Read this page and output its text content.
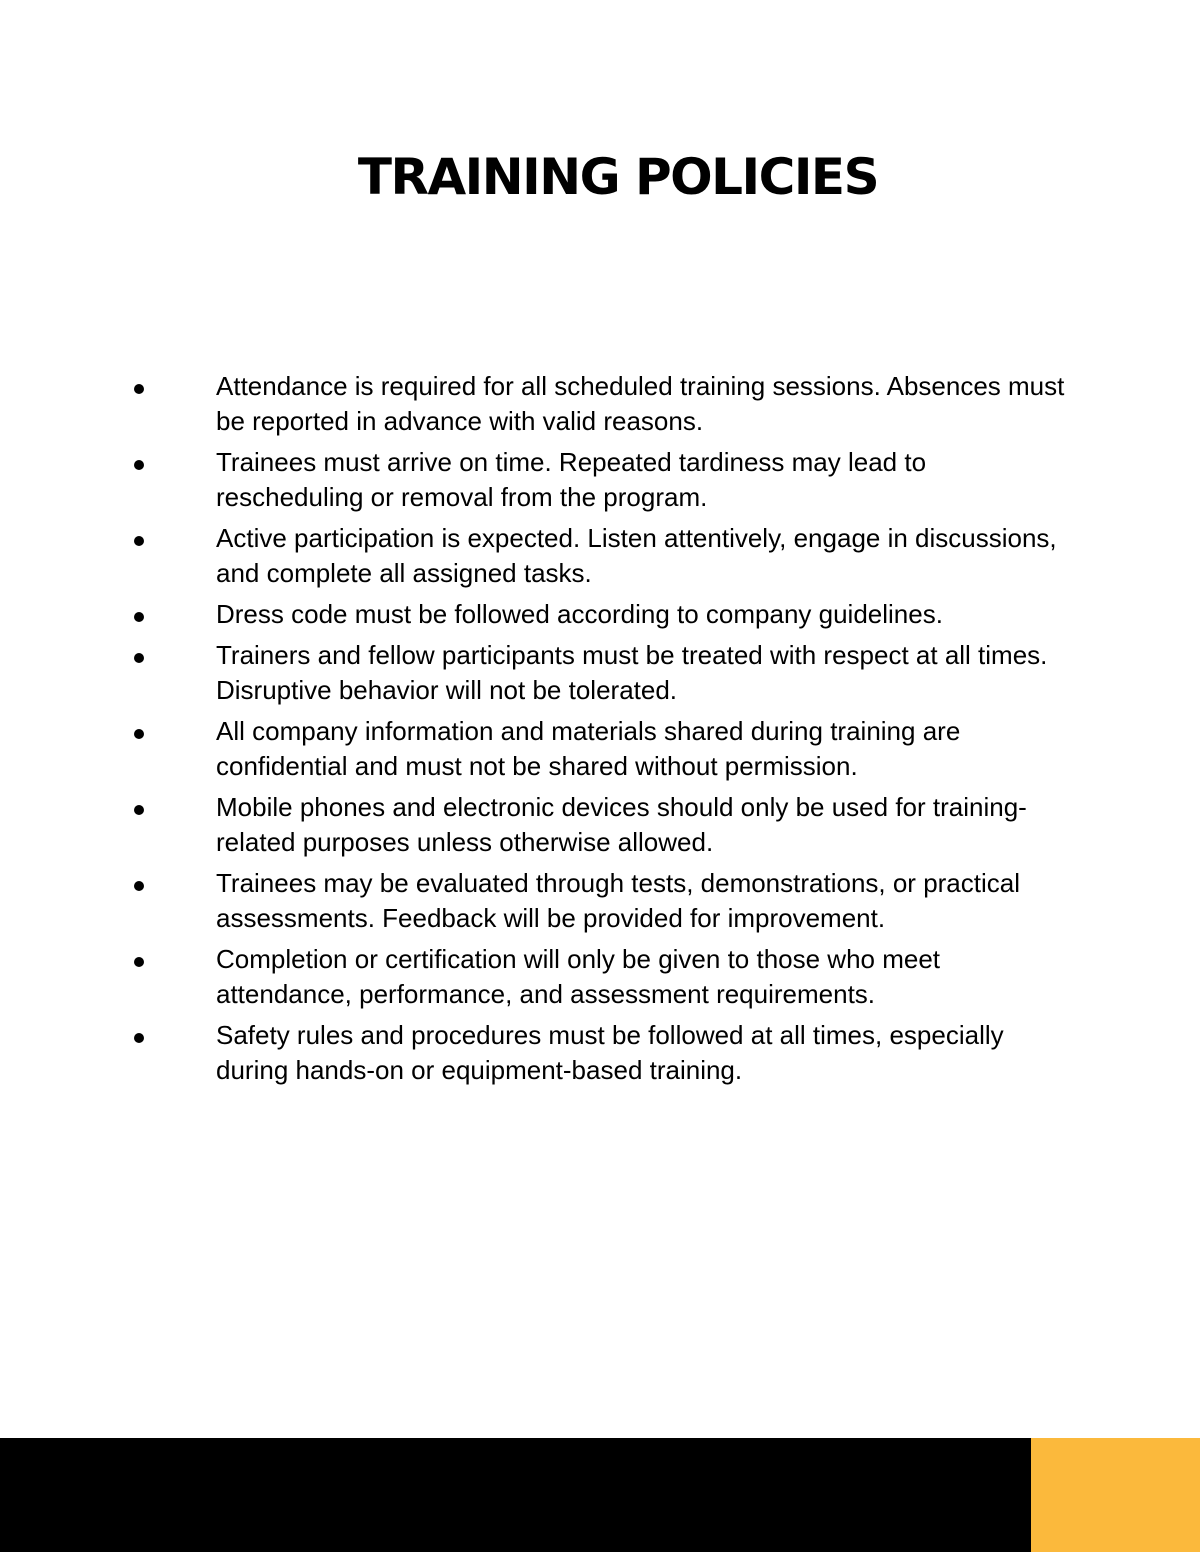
TRAINING POLICIES
Attendance is required for all scheduled training sessions. Absences must be reported in advance with valid reasons.
Trainees must arrive on time. Repeated tardiness may lead to rescheduling or removal from the program.
Active participation is expected. Listen attentively, engage in discussions, and complete all assigned tasks.
Dress code must be followed according to company guidelines.
Trainers and fellow participants must be treated with respect at all times. Disruptive behavior will not be tolerated.
All company information and materials shared during training are confidential and must not be shared without permission.
Mobile phones and electronic devices should only be used for training-related purposes unless otherwise allowed.
Trainees may be evaluated through tests, demonstrations, or practical assessments. Feedback will be provided for improvement.
Completion or certification will only be given to those who meet attendance, performance, and assessment requirements.
Safety rules and procedures must be followed at all times, especially during hands-on or equipment-based training.
